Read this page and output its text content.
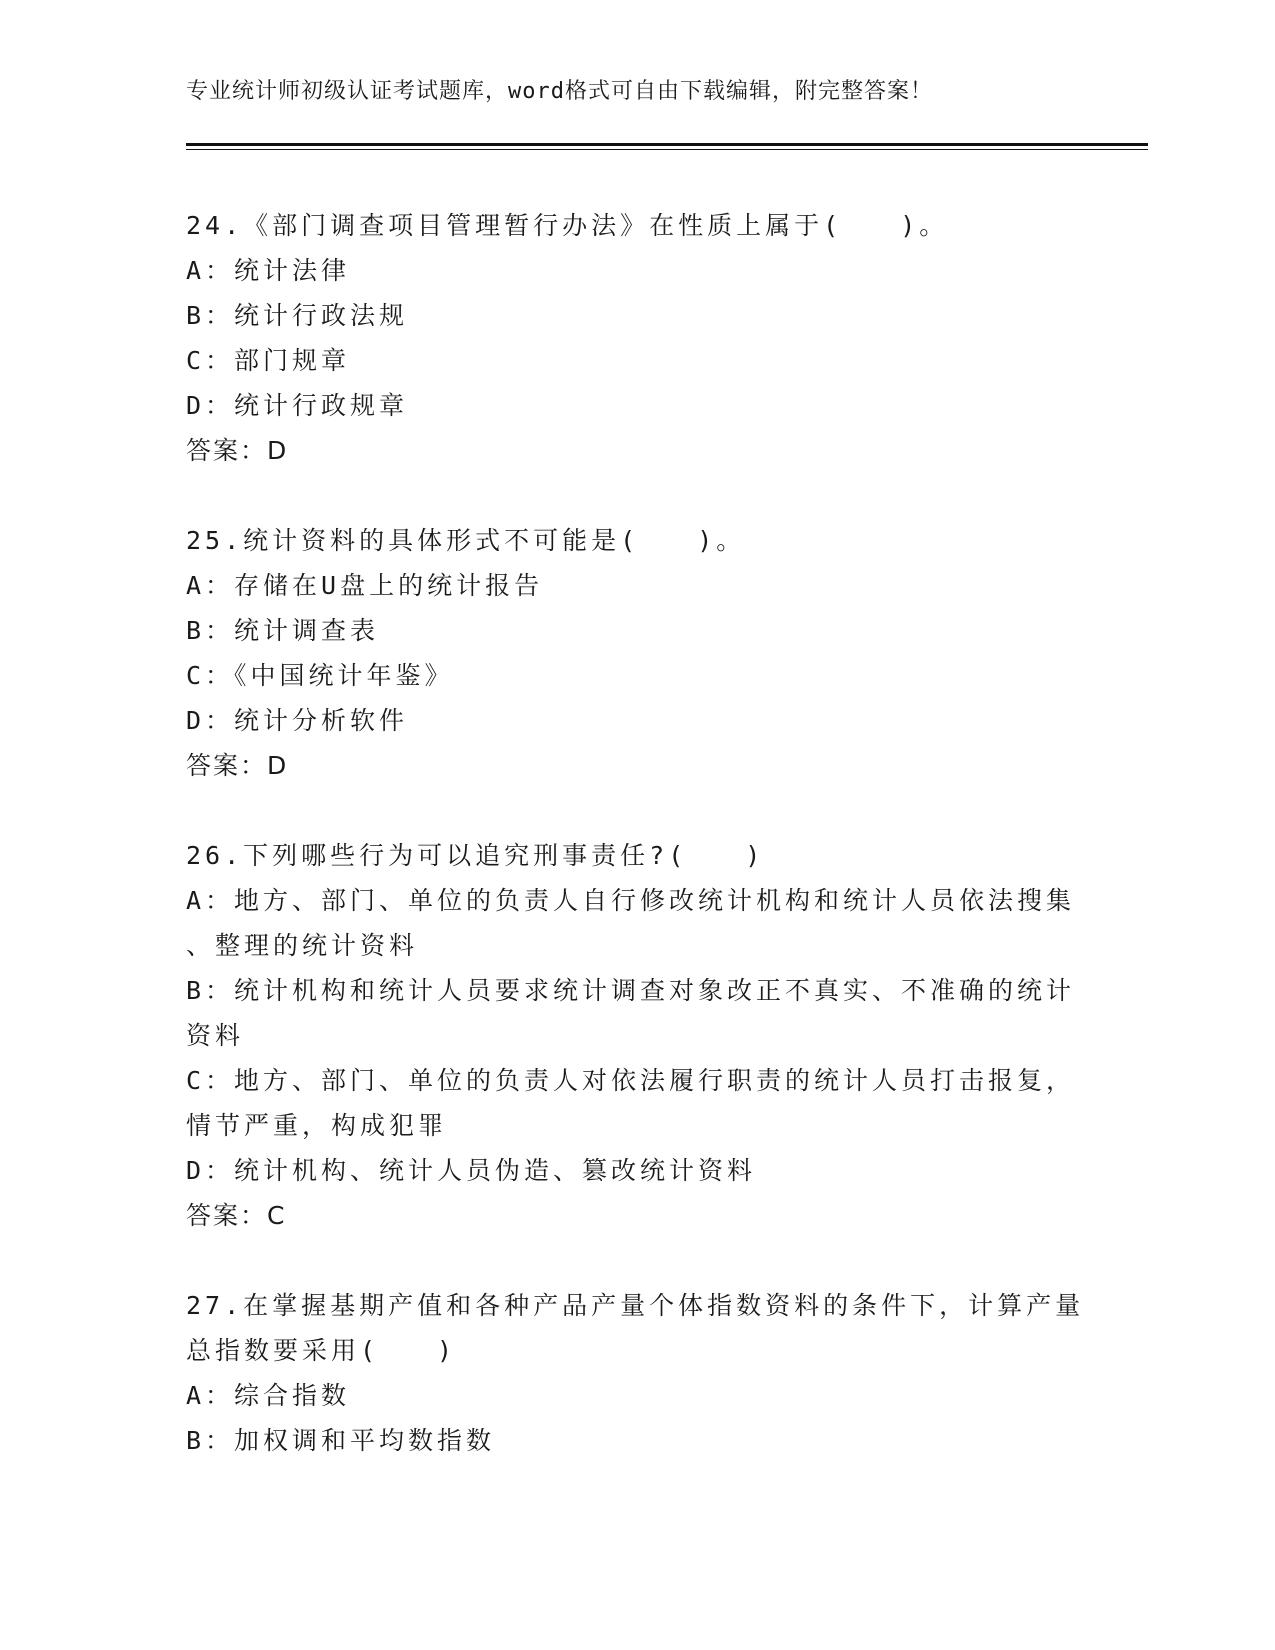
专业统计师初级认证考试题库，word格式可自由下载编辑，附完整答案！
24.《部门调查项目管理暂行办法》在性质上属于(　　)。
A：统计法律
B：统计行政法规
C：部门规章
D：统计行政规章
答案：D
25.统计资料的具体形式不可能是(　　)。
A：存储在U盘上的统计报告
B：统计调查表
C：《中国统计年鉴》
D：统计分析软件
答案：D
26.下列哪些行为可以追究刑事责任?(　　)
A：地方、部门、单位的负责人自行修改统计机构和统计人员依法搜集
、整理的统计资料
B：统计机构和统计人员要求统计调查对象改正不真实、不准确的统计
资料
C：地方、部门、单位的负责人对依法履行职责的统计人员打击报复，
情节严重，构成犯罪
D：统计机构、统计人员伪造、篡改统计资料
答案：C
27.在掌握基期产值和各种产品产量个体指数资料的条件下，计算产量
总指数要采用(　　)
A：综合指数
B：加权调和平均数指数
